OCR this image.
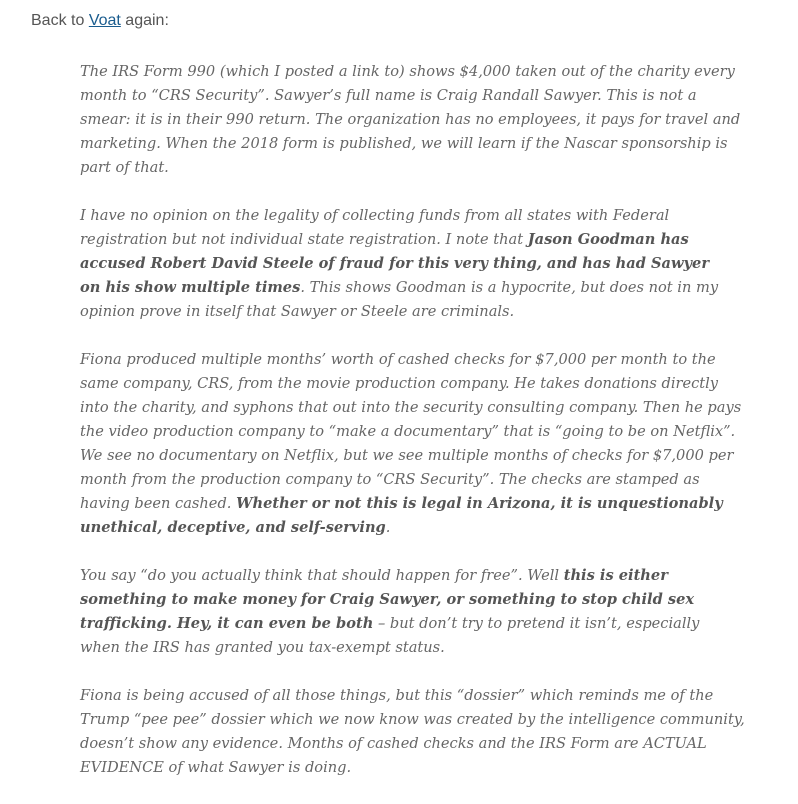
Back to Voat again:

The IRS Form 990 (which I posted a link to) shows $4,000 taken out of the charity every
month to “CRS Security”. Sawyer’s full name is Craig Randall Sawyer. This is not a
smear: it is in their 990 return. The organization has no employees, it pays for travel and
marketing. When the 2018 form is published, we will learn if the Nascar sponsorship is
part of that.

I have no opinion on the legality of collecting funds from all states with Federal
registration but not individual state registration. I note that Jason Goodman has
accused Robert David Steele of fraud for this very thing, and has had Sawyer
on his show multiple times. This shows Goodman is a hypocrite, but does not in my
opinion prove in itself that Sawyer or Steele are criminals.

Fiona produced multiple months’ worth of cashed checks for $7,000 per month to the
same company, CRS, from the movie production company. He takes donations directly
into the charity, and syphons that out into the security consulting company. Then he pays
the video production company to “make a documentary” that is “going to be on Netflix”.
We see no documentary on Netflix, but we see multiple months of checks for $7,000 per
month from the production company to “CRS Security”. The checks are stamped as
having been cashed. Whether or not this is legal in Arizona, it is unquestionably
unethical, deceptive, and self-serving.

You say “do you actually think that should happen for free”. Well this is either
something to make money for Craig Sawyer, or something to stop child sex
trafficking. Hey, it can even be both – but don’t try to pretend it isn’t, especially
when the IRS has granted you tax-exempt status.

Fiona is being accused of all those things, but this “dossier” which reminds me of the
Trump “pee pee” dossier which we now know was created by the intelligence community,
doesn’t show any evidence. Months of cashed checks and the IRS Form are ACTUAL
EVIDENCE of what Sawyer is doing.
